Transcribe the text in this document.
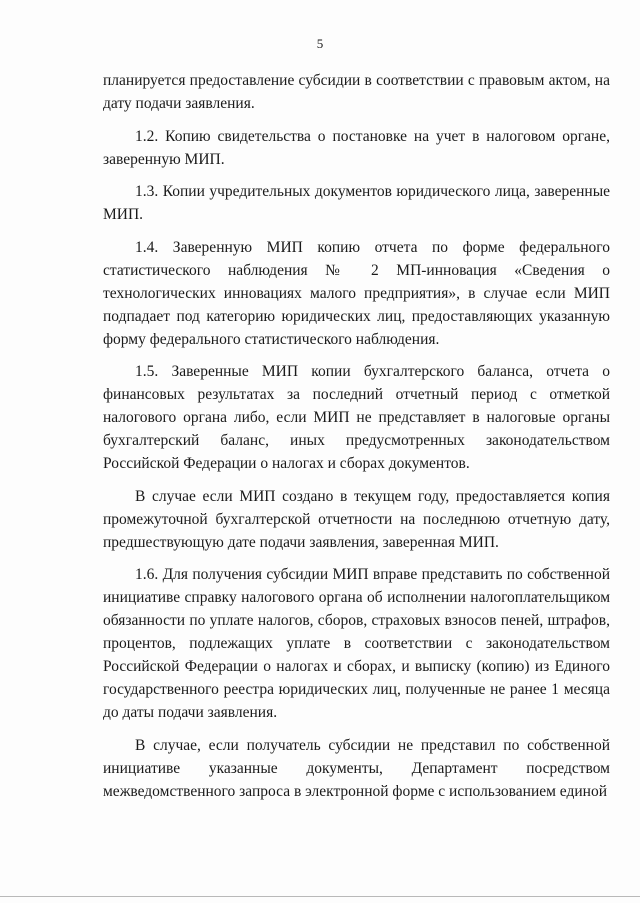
5

планируется предоставление субсидии в соответствии с правовым актом, на дату подачи заявления.

1.2. Копию свидетельства о постановке на учет в налоговом органе, заверенную МИП.

1.3. Копии учредительных документов юридического лица, заверенные МИП.

1.4. Заверенную МИП копию отчета по форме федерального статистического наблюдения № 2 МП-инновация «Сведения о технологических инновациях малого предприятия», в случае если МИП подпадает под категорию юридических лиц, предоставляющих указанную форму федерального статистического наблюдения.

1.5. Заверенные МИП копии бухгалтерского баланса, отчета о финансовых результатах за последний отчетный период с отметкой налогового органа либо, если МИП не представляет в налоговые органы бухгалтерский баланс, иных предусмотренных законодательством Российской Федерации о налогах и сборах документов.

В случае если МИП создано в текущем году, предоставляется копия промежуточной бухгалтерской отчетности на последнюю отчетную дату, предшествующую дате подачи заявления, заверенная МИП.

1.6. Для получения субсидии МИП вправе представить по собственной инициативе справку налогового органа об исполнении налогоплательщиком обязанности по уплате налогов, сборов, страховых взносов пеней, штрафов, процентов, подлежащих уплате в соответствии с законодательством Российской Федерации о налогах и сборах, и выписку (копию) из Единого государственного реестра юридических лиц, полученные не ранее 1 месяца до даты подачи заявления.

В случае, если получатель субсидии не представил по собственной инициативе указанные документы, Департамент посредством межведомственного запроса в электронной форме с использованием единой
